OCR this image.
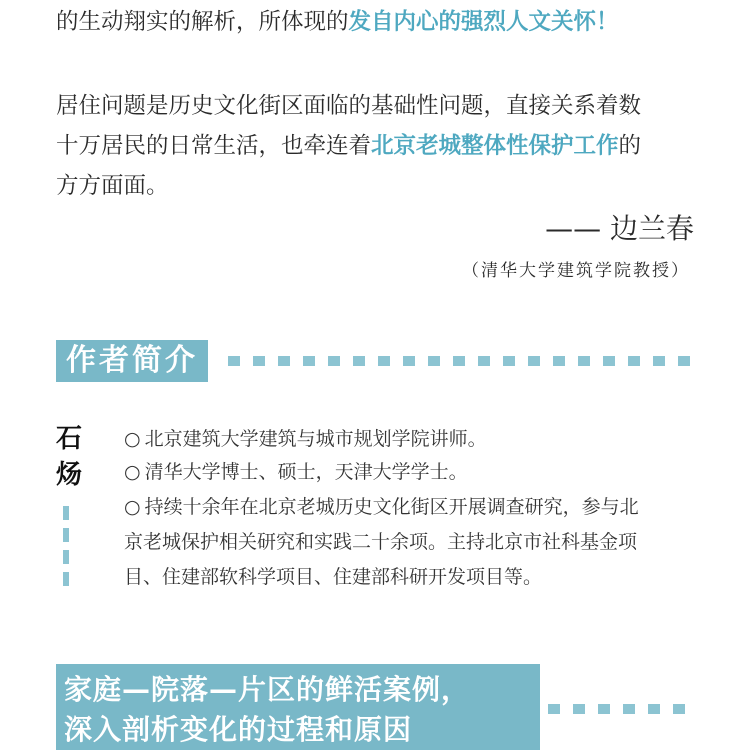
的生动翔实的解析，所体现的发自内心的强烈人文关怀！

居住问题是历史文化街区面临的基础性问题，直接关系着数

十万居民的日常生活，也牵连着北京老城整体性保护工作的

方方面面。

—— 边兰春
（清华大学建筑学院教授）
作者简介
石
炀
○ 北京建筑大学建筑与城市规划学院讲师。
○ 清华大学博士、硕士，天津大学学士。
○ 持续十余年在北京老城历史文化街区开展调查研究，参与北
京老城保护相关研究和实践二十余项。主持北京市社科基金项
目、住建部软科学项目、住建部科研开发项目等。
家庭—院落—片区的鲜活案例，
深入剖析变化的过程和原因
